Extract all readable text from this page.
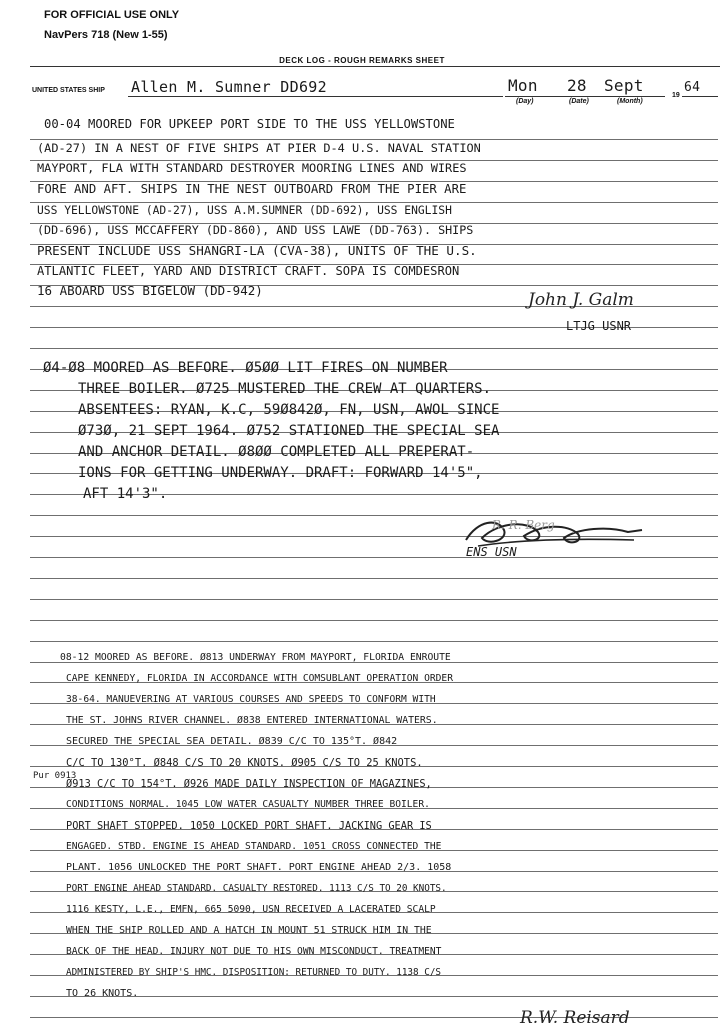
FOR OFFICIAL USE ONLY
NavPers 718 (New 1-55)
DECK LOG - ROUGH REMARKS SHEET
UNITED STATES SHIP Allen M. Sumner DD692	Mon 28 Sept
(Day)	(Date)	(Month)
19
64
00-04 MOORED FOR UPKEEP PORT SIDE TO THE USS YELLOWSTONE
(AD-27) IN A NEST OF FIVE SHIPS AT PIER D-4 U.S. NAVAL STATION
MAYPORT, FLA WITH STANDARD DESTROYER MOORING LINES AND WIRES
FORE AND AFT. SHIPS IN THE NEST OUTBOARD FROM THE PIER ARE
USS YELLOWSTONE (AD-27), USS A.M.SUMNER (DD-692), USS ENGLISH
(DD-696), USS MCCAFFERY (DD-860), AND USS LAWE (DD-763). SHIPS
PRESENT INCLUDE USS SHANGRI-LA (CVA-38), UNITS OF THE U.S.
ATLANTIC FLEET, YARD AND DISTRICT CRAFT. SOPA IS COMDESRON
16 ABOARD USS BIGELOW (DD-942)	John J. Galm
LTJG USNR
Ø4-Ø8 MOORED AS BEFORE. Ø5ØØ LIT FIRES ON NUMBER
THREE BOILER. Ø725 MUSTERED THE CREW AT QUARTERS.
ABSENTEES: RYAN, K.C, 59Ø842Ø, FN, USN, AWOL SINCE
Ø73Ø, 21 SEPT 1964. Ø752 STATIONED THE SPECIAL SEA
AND ANCHOR DETAIL. Ø8ØØ COMPLETED ALL PREPERAT-
IONS FOR GETTING UNDERWAY. DRAFT: FORWARD 14'5",
AFT 14'3".
R. R. Berg
ENS USN
08-12 MOORED AS BEFORE. Ø813 UNDERWAY FROM MAYPORT, FLORIDA ENROUTE
CAPE KENNEDY, FLORIDA IN ACCORDANCE WITH COMSUBLANT OPERATION ORDER
38-64. MANUEVERING AT VARIOUS COURSES AND SPEEDS TO CONFORM WITH
THE ST. JOHNS RIVER CHANNEL. Ø838 ENTERED INTERNATIONAL WATERS.
SECURED THE SPECIAL SEA DETAIL. Ø839 C/C TO 135°T. Ø842
C/C TO 130°T. Ø848 C/S TO 20 KNOTS. Ø905 C/S TO 25 KNOTS.
Pur 0913
Ø913 C/C TO 154°T. Ø926 MADE DAILY INSPECTION OF MAGAZINES,
CONDITIONS NORMAL. 1045 LOW WATER CASUALTY NUMBER THREE BOILER.
PORT SHAFT STOPPED. 1050 LOCKED PORT SHAFT. JACKING GEAR IS
ENGAGED. STBD. ENGINE IS AHEAD STANDARD. 1051 CROSS CONNECTED THE
PLANT. 1056 UNLOCKED THE PORT SHAFT. PORT ENGINE AHEAD 2/3. 1058
PORT ENGINE AHEAD STANDARD. CASUALTY RESTORED. 1113 C/S TO 20 KNOTS.
1116 KESTY, L.E., EMFN, 665 5090, USN RECEIVED A LACERATED SCALP
WHEN THE SHIP ROLLED AND A HATCH IN MOUNT 51 STRUCK HIM IN THE
BACK OF THE HEAD. INJURY NOT DUE TO HIS OWN MISCONDUCT. TREATMENT
ADMINISTERED BY SHIP'S HMC. DISPOSITION: RETURNED TO DUTY. 1138 C/S
TO 26 KNOTS.
R.W. Reisard
